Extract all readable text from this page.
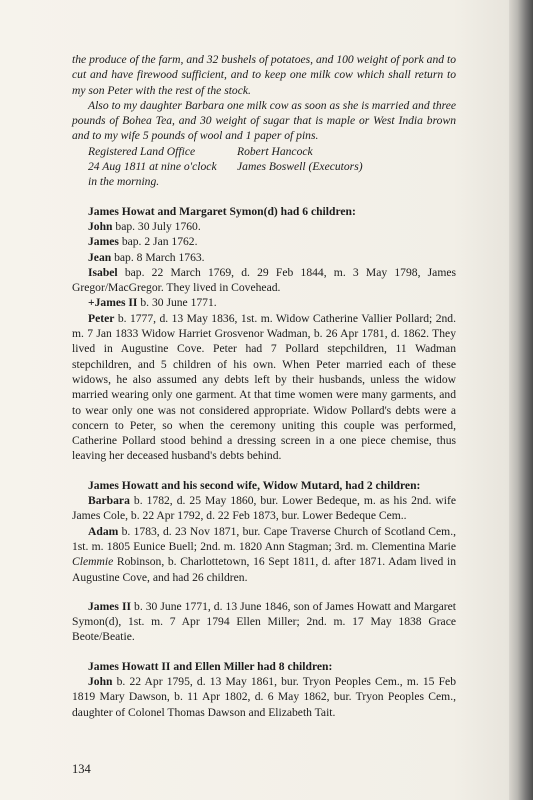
the produce of the farm, and 32 bushels of potatoes, and 100 weight of pork and to cut and have firewood sufficient, and to keep one milk cow which shall return to my son Peter with the rest of the stock.

Also to my daughter Barbara one milk cow as soon as she is married and three pounds of Bohea Tea, and 30 weight of sugar that is maple or West India brown and to my wife 5 pounds of wool and 1 paper of pins.

Registered Land Office	Robert Hancock
24 Aug 1811 at nine o'clock	James Boswell (Executors)
in the morning.

James Howat and Margaret Symon(d) had 6 children:

John bap. 30 July 1760.

James bap. 2 Jan 1762.

Jean bap. 8 March 1763.

Isabel bap. 22 March 1769, d. 29 Feb 1844, m. 3 May 1798, James Gregor/MacGregor. They lived in Covehead.

+James II b. 30 June 1771.

Peter b. 1777, d. 13 May 1836, 1st. m. Widow Catherine Vallier Pollard; 2nd. m. 7 Jan 1833 Widow Harriet Grosvenor Wadman, b. 26 Apr 1781, d. 1862. They lived in Augustine Cove. Peter had 7 Pollard stepchildren, 11 Wadman stepchildren, and 5 children of his own. When Peter married each of these widows, he also assumed any debts left by their husbands, unless the widow married wearing only one garment. At that time women were many garments, and to wear only one was not considered appropriate. Widow Pollard's debts were a concern to Peter, so when the ceremony uniting this couple was performed, Catherine Pollard stood behind a dressing screen in a one piece chemise, thus leaving her deceased husband's debts behind.

James Howatt and his second wife, Widow Mutard, had 2 children:

Barbara b. 1782, d. 25 May 1860, bur. Lower Bedeque, m. as his 2nd. wife James Cole, b. 22 Apr 1792, d. 22 Feb 1873, bur. Lower Bedeque Cem..

Adam b. 1783, d. 23 Nov 1871, bur. Cape Traverse Church of Scotland Cem., 1st. m. 1805 Eunice Buell; 2nd. m. 1820 Ann Stagman; 3rd. m. Clementina Marie Clemmie Robinson, b. Charlottetown, 16 Sept 1811, d. after 1871. Adam lived in Augustine Cove, and had 26 children.

James II b. 30 June 1771, d. 13 June 1846, son of James Howatt and Margaret Symon(d), 1st. m. 7 Apr 1794 Ellen Miller; 2nd. m. 17 May 1838 Grace Beote/Beatie.

James Howatt II and Ellen Miller had 8 children:

John b. 22 Apr 1795, d. 13 May 1861, bur. Tryon Peoples Cem., m. 15 Feb 1819 Mary Dawson, b. 11 Apr 1802, d. 6 May 1862, bur. Tryon Peoples Cem., daughter of Colonel Thomas Dawson and Elizabeth Tait.

134
